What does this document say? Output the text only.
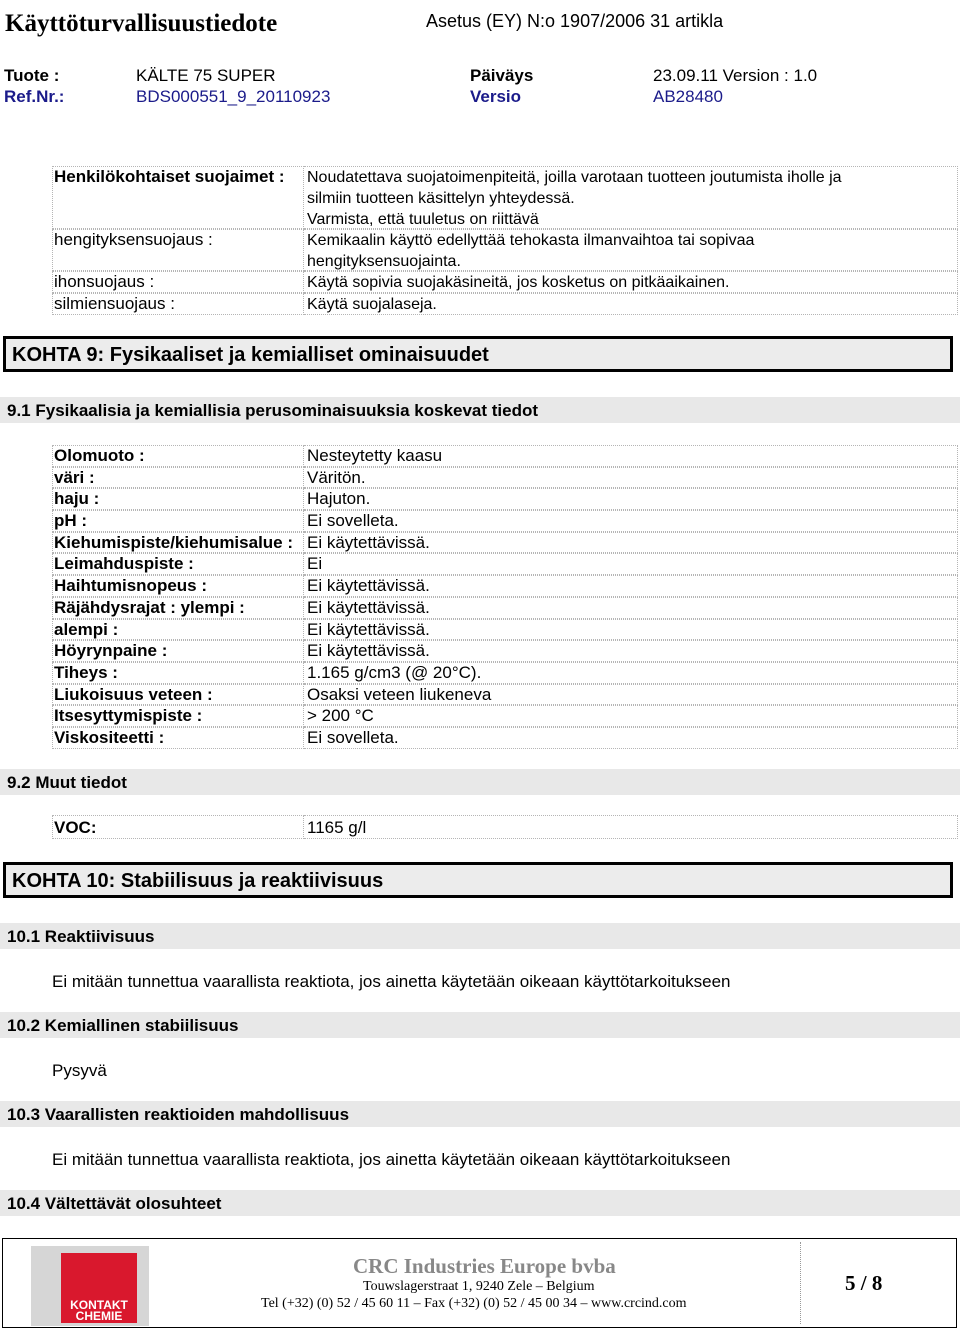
Käyttöturvallisuustiedote	Asetus (EY) N:o 1907/2006 31 artikla
Tuote :	KÄLTE 75 SUPER	Päiväys	23.09.11 Version : 1.0
Ref.Nr.:	BDS000551_9_20110923	Versio	AB28480
Henkilökohtaiset suojaimet :	Noudatettava suojatoimenpiteitä, joilla varotaan tuotteen joutumista iholle ja
silmiin tuotteen käsittelyn yhteydessä.
Varmista, että tuuletus on riittävä
hengityksensuojaus :	Kemikaalin käyttö edellyttää tehokasta ilmanvaihtoa tai sopivaa
hengityksensuojainta.
ihonsuojaus :	Käytä sopivia suojakäsineitä, jos kosketus on pitkäaikainen.
silmiensuojaus :	Käytä suojalaseja.
KOHTA 9: Fysikaaliset ja kemialliset ominaisuudet
9.1 Fysikaalisia ja kemiallisia perusominaisuuksia koskevat tiedot
Olomuoto :	Nesteytetty kaasu
väri :	Väritön.
haju :	Hajuton.
pH :	Ei sovelleta.
Kiehumispiste/kiehumisalue : Ei käytettävissä.
Leimahduspiste :	Ei
Haihtumisnopeus :	Ei käytettävissä.
Räjähdysrajat : ylempi :	Ei käytettävissä.
alempi :	Ei käytettävissä.
Höyrynpaine :	Ei käytettävissä.
Tiheys :	1.165 g/cm3 (@ 20°C).
Liukoisuus veteen :	Osaksi veteen liukeneva
Itsesyttymispiste :	> 200 °C
Viskositeetti :	Ei sovelleta.
9.2 Muut tiedot
VOC:	1165 g/l
KOHTA 10: Stabiilisuus ja reaktiivisuus
10.1 Reaktiivisuus
Ei mitään tunnettua vaarallista reaktiota, jos ainetta käytetään oikeaan käyttötarkoitukseen
10.2 Kemiallinen stabiilisuus
Pysyvä
10.3 Vaarallisten reaktioiden mahdollisuus
Ei mitään tunnettua vaarallista reaktiota, jos ainetta käytetään oikeaan käyttötarkoitukseen
10.4 Vältettävät olosuhteet
KONTAKT
CHEMIE
CRC Industries Europe bvba
Touwslagerstraat 1, 9240 Zele – Belgium
Tel (+32) (0) 52 / 45 60 11 – Fax (+32) (0) 52 / 45 00 34 – www.crcind.com
5 / 8
